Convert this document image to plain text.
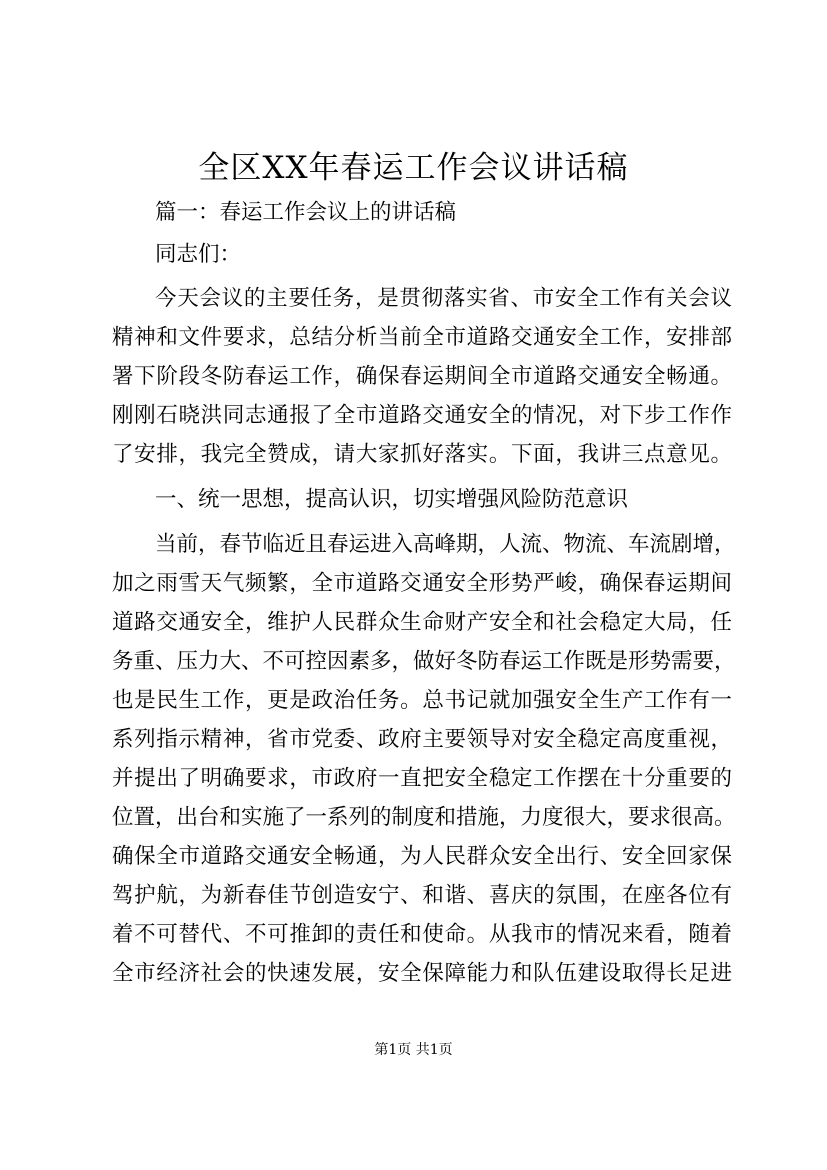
全区XX年春运工作会议讲话稿
篇一：春运工作会议上的讲话稿
同志们：
今天会议的主要任务，是贯彻落实省、市安全工作有关会议
精神和文件要求，总结分析当前全市道路交通安全工作，安排部
署下阶段冬防春运工作，确保春运期间全市道路交通安全畅通。
刚刚石晓洪同志通报了全市道路交通安全的情况，对下步工作作
了安排，我完全赞成，请大家抓好落实。下面，我讲三点意见。
一、统一思想，提高认识，切实增强风险防范意识
当前，春节临近且春运进入高峰期，人流、物流、车流剧增，
加之雨雪天气频繁，全市道路交通安全形势严峻，确保春运期间
道路交通安全，维护人民群众生命财产安全和社会稳定大局，任
务重、压力大、不可控因素多，做好冬防春运工作既是形势需要，
也是民生工作，更是政治任务。总书记就加强安全生产工作有一
系列指示精神，省市党委、政府主要领导对安全稳定高度重视，
并提出了明确要求，市政府一直把安全稳定工作摆在十分重要的
位置，出台和实施了一系列的制度和措施，力度很大，要求很高。
确保全市道路交通安全畅通，为人民群众安全出行、安全回家保
驾护航，为新春佳节创造安宁、和谐、喜庆的氛围，在座各位有
着不可替代、不可推卸的责任和使命。从我市的情况来看，随着
全市经济社会的快速发展，安全保障能力和队伍建设取得长足进
第1页 共1页
